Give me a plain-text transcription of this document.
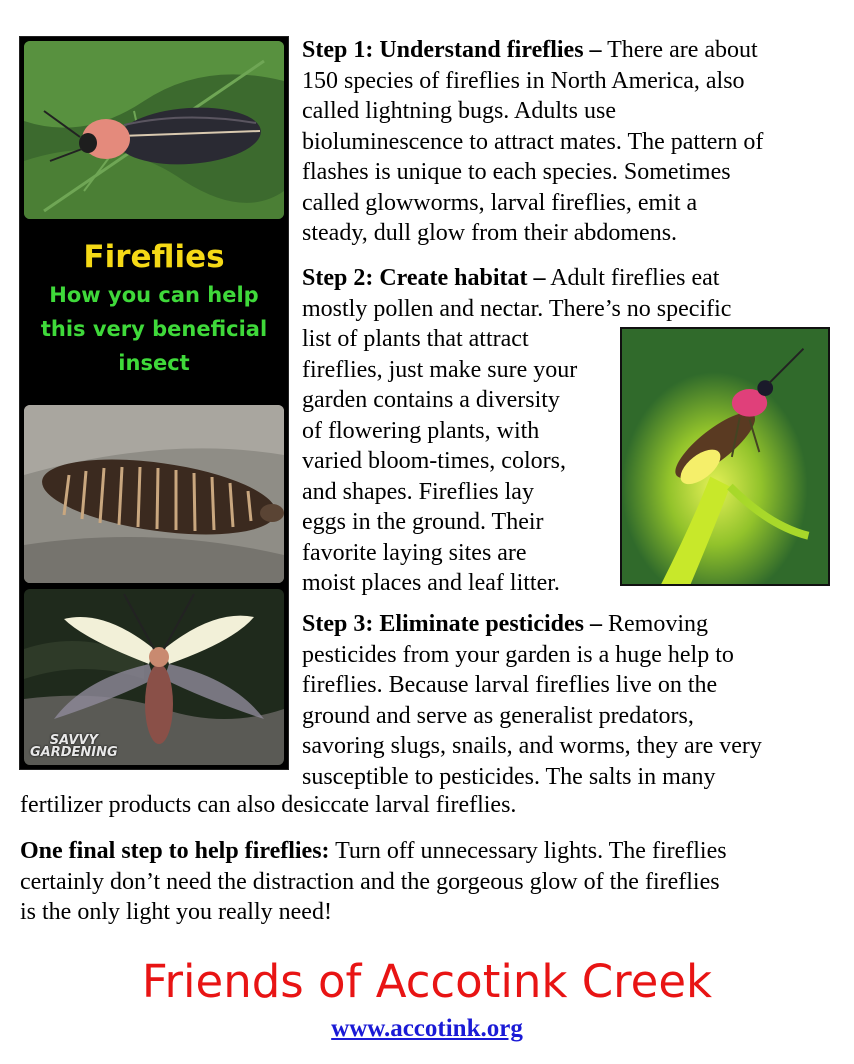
Fireflies
How you can help
this very beneficial
insect
SAVVY
GARDENING
Step 1: Understand fireflies – There are about
150 species of fireflies in North America, also
called lightning bugs. Adults use
bioluminescence to attract mates. The pattern of
flashes is unique to each species. Sometimes
called glowworms, larval fireflies, emit a
steady, dull glow from their abdomens.
Step 2: Create habitat – Adult fireflies eat
mostly pollen and nectar. There’s no specific
list of plants that attract
fireflies, just make sure your
garden contains a diversity
of flowering plants, with
varied bloom-times, colors,
and shapes. Fireflies lay
eggs in the ground. Their
favorite laying sites are
moist places and leaf litter.
Step 3: Eliminate pesticides – Removing
pesticides from your garden is a huge help to
fireflies. Because larval fireflies live on the
ground and serve as generalist predators,
savoring slugs, snails, and worms, they are very
susceptible to pesticides. The salts in many
fertilizer products can also desiccate larval fireflies.
One final step to help fireflies: Turn off unnecessary lights. The fireflies
certainly don’t need the distraction and the gorgeous glow of the fireflies
is the only light you really need!
Friends of Accotink Creek
www.accotink.org
